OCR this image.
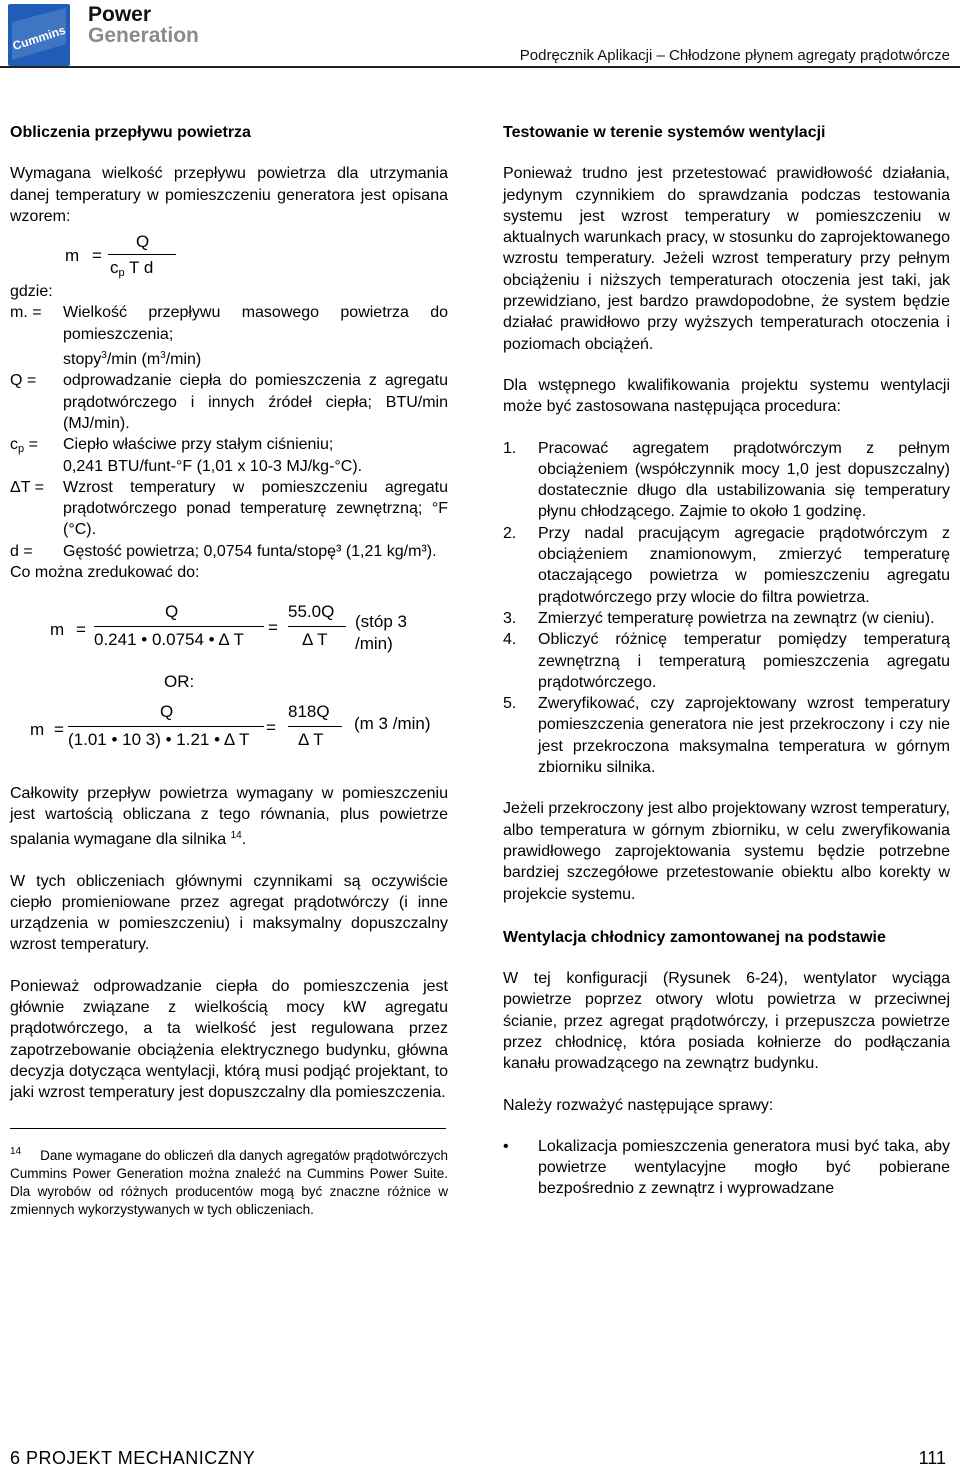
Cummins
Power
Generation
Podręcznik Aplikacji – Chłodzone płynem agregaty prądotwórcze
Obliczenia przepływu powietrza
Wymagana wielkość przepływu powietrza dla utrzymania danej temperatury w pomieszczeniu generatora jest opisana wzorem:
m =
Q
$c_p$ T d
gdzie:
m. =	Wielkość przepływu masowego powietrza do pomieszczenia;
stopy$^3$/min $(m^3/\min)$
Q =	odprowadzanie ciepła do pomieszczenia z agregatu prądotwórczego i innych źródeł ciepła; BTU/min (MJ/min).
$c_p$ =	Ciepło właściwe przy stałym ciśnieniu;
0,241 BTU/funt-°F (1,01 x 10-3 MJ/kg-°C).
ΔT =	Wzrost temperatury w pomieszczeniu agregatu prądotwórczego ponad temperaturę zewnętrzną; °F (°C).
d =	Gęstość powietrza; 0,0754 funta/stopę³ (1,21 kg/m³).
Co można zredukować do:
m =
Q
0.241 • 0.0754 • Δ T
=
55.0Q
Δ T
(stóp 3 /min)
OR:
m =
Q
(1.01 • 10 3) • 1.21 • Δ T
=
818Q
Δ T
(m 3 /min)
Całkowity przepływ powietrza wymagany w pomieszczeniu jest wartością obliczana z tego równania, plus powietrze spalania wymagane dla silnika $^{14}$.
W tych obliczeniach głównymi czynnikami są oczywiście ciepło promieniowane przez agregat prądotwórczy (i inne urządzenia w pomieszczeniu) i maksymalny dopuszczalny wzrost temperatury.
Ponieważ odprowadzanie ciepła do pomieszczenia jest głównie związane z wielkością mocy kW agregatu prądotwórczego, a ta wielkość jest regulowana przez zapotrzebowanie obciążenia elektrycznego budynku, główna decyzja dotycząca wentylacji, którą musi podjąć projektant, to jaki wzrost temperatury jest dopuszczalny dla pomieszczenia.
$^{14}$ Dane wymagane do obliczeń dla danych agregatów prądotwórczych Cummins Power Generation można znaleźć na Cummins Power Suite. Dla wyrobów od różnych producentów mogą być znaczne różnice w zmiennych wykorzystywanych w tych obliczeniach.
Testowanie w terenie systemów wentylacji
Ponieważ trudno jest przetestować prawidłowość działania, jedynym czynnikiem do sprawdzania podczas testowania systemu jest wzrost temperatury w pomieszczeniu w aktualnych warunkach pracy, w stosunku do zaprojektowanego wzrostu temperatury. Jeżeli wzrost temperatury przy pełnym obciążeniu i niższych temperaturach otoczenia jest taki, jak przewidziano, jest bardzo prawdopodobne, że system będzie działać prawidłowo przy wyższych temperaturach otoczenia i poziomach obciążeń.
Dla wstępnego kwalifikowania projektu systemu wentylacji może być zastosowana następująca procedura:
1.	Pracować agregatem prądotwórczym z pełnym obciążeniem (współczynnik mocy 1,0 jest dopuszczalny) dostatecznie długo dla ustabilizowania się temperatury płynu chłodzącego. Zajmie to około 1 godzinę.
2.	Przy nadal pracującym agregacie prądotwórczym z obciążeniem znamionowym, zmierzyć temperaturę otaczającego powietrza w pomieszczeniu agregatu prądotwórczego przy wlocie do filtra powietrza.
3.	Zmierzyć temperaturę powietrza na zewnątrz (w cieniu).
4.	Obliczyć różnicę temperatur pomiędzy temperaturą zewnętrzną i temperaturą pomieszczenia agregatu prądotwórczego.
5.	Zweryfikować, czy zaprojektowany wzrost temperatury pomieszczenia generatora nie jest przekroczony i czy nie jest przekroczona maksymalna temperatura w górnym zbiorniku silnika.
Jeżeli przekroczony jest albo projektowany wzrost temperatury, albo temperatura w górnym zbiorniku, w celu zweryfikowania prawidłowego zaprojektowania systemu będzie potrzebne bardziej szczegółowe przetestowanie obiektu albo korekty w projekcie systemu.
Wentylacja chłodnicy zamontowanej na podstawie
W tej konfiguracji (Rysunek 6-24), wentylator wyciąga powietrze poprzez otwory wlotu powietrza w przeciwnej ścianie, przez agregat prądotwórczy, i przepuszcza powietrze przez chłodnicę, która posiada kołnierze do podłączania kanału prowadzącego na zewnątrz budynku.
Należy rozważyć następujące sprawy:
•	Lokalizacja pomieszczenia generatora musi być taka, aby powietrze wentylacyjne mogło być pobierane bezpośrednio z zewnątrz i wyprowadzane
6 PROJEKT MECHANICZNY	111
